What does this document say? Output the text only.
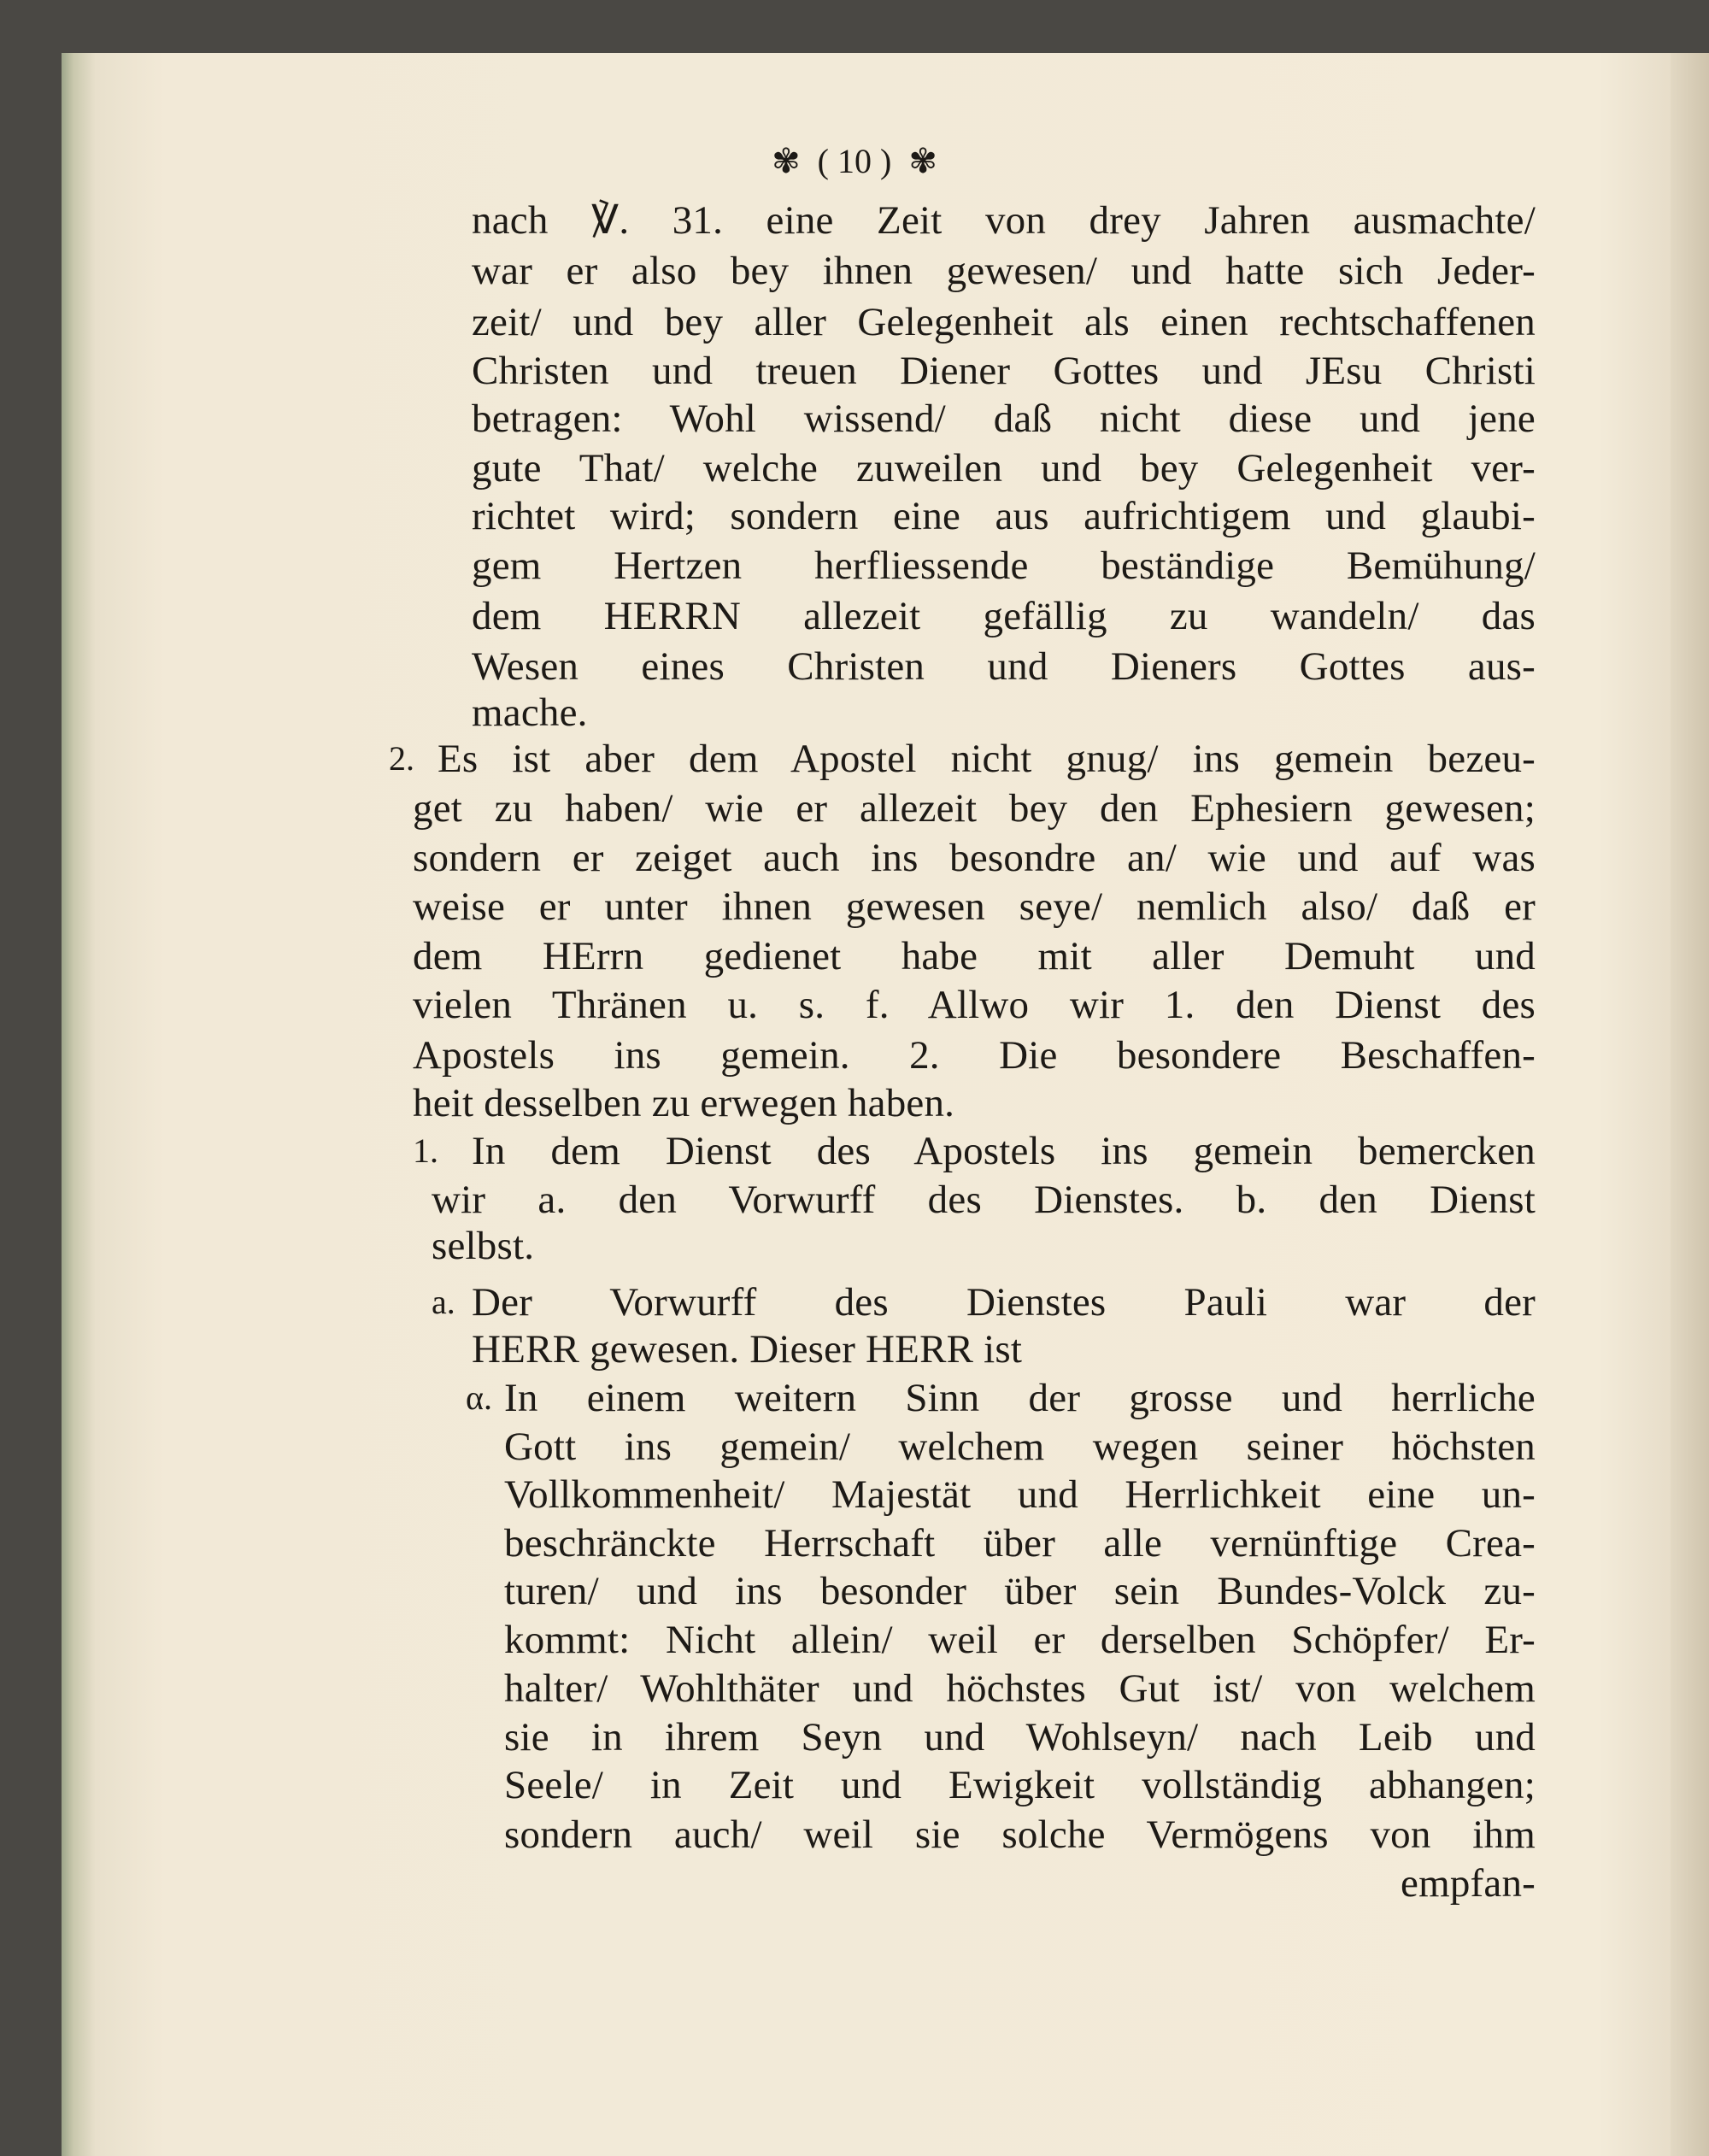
✾ ( 10 ) ✾
nach ℣. 31. eine Zeit von drey Jahren ausmachte/
war er also bey ihnen gewesen/ und hatte sich Jeder-
zeit/ und bey aller Gelegenheit als einen rechtschaffenen
Christen und treuen Diener Gottes und JEsu Christi
betragen: Wohl wissend/ daß nicht diese und jene
gute That/ welche zuweilen und bey Gelegenheit ver-
richtet wird; sondern eine aus aufrichtigem und glaubi-
gem Hertzen herfliessende beständige Bemühung/
dem HERRN allezeit gefällig zu wandeln/ das
Wesen eines Christen und Dieners Gottes aus-
mache.
2. Es ist aber dem Apostel nicht gnug/ ins gemein bezeu-
get zu haben/ wie er allezeit bey den Ephesiern gewesen;
sondern er zeiget auch ins besondre an/ wie und auf was
weise er unter ihnen gewesen seye/ nemlich also/ daß er
dem HErrn gedienet habe mit aller Demuht und
vielen Thränen u. s. f. Allwo wir 1. den Dienst des
Apostels ins gemein. 2. Die besondere Beschaffen-
heit desselben zu erwegen haben.
1. In dem Dienst des Apostels ins gemein bemercken
wir a. den Vorwurff des Dienstes. b. den Dienst
selbst.
a. Der Vorwurff des Dienstes Pauli war der
HERR gewesen. Dieser HERR ist
α. In einem weitern Sinn der grosse und herrliche
Gott ins gemein/ welchem wegen seiner höchsten
Vollkommenheit/ Majestät und Herrlichkeit eine un-
beschränckte Herrschaft über alle vernünftige Crea-
turen/ und ins besonder über sein Bundes-Volck zu-
kommt: Nicht allein/ weil er derselben Schöpfer/ Er-
halter/ Wohlthäter und höchstes Gut ist/ von welchem
sie in ihrem Seyn und Wohlseyn/ nach Leib und
Seele/ in Zeit und Ewigkeit vollständig abhangen;
sondern auch/ weil sie solche Vermögens von ihm
empfan-
